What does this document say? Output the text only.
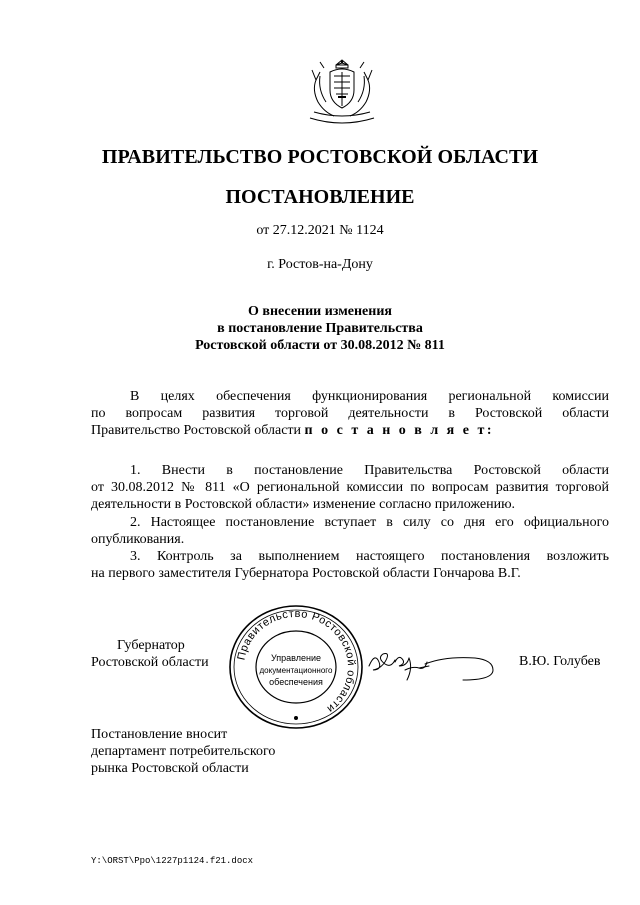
ПРАВИТЕЛЬСТВО РОСТОВСКОЙ ОБЛАСТИ
ПОСТАНОВЛЕНИЕ
от 27.12.2021 № 1124
г. Ростов-на-Дону
О внесении изменения
в постановление Правительства
Ростовской области от 30.08.2012 № 811
В целях обеспечения функционирования региональной комиссии
по вопросам развития торговой деятельности в Ростовской области
Правительство Ростовской области п о с т а н о в л я е т:
1. Внести в постановление Правительства Ростовской области
от 30.08.2012 № 811 «О региональной комиссии по вопросам развития торговой
деятельности в Ростовской области» изменение согласно приложению.
2. Настоящее постановление вступает в силу со дня его официального
опубликования.
3. Контроль за выполнением настоящего постановления возложить
на первого заместителя Губернатора Ростовской области Гончарова В.Г.
Губернатор
Ростовской области Правительство Ростовской области
Управление
документационного
обеспечения
В.Ю. Голубев
Постановление вносит
департамент потребительского
рынка Ростовской области
Y:\ORST\Ppo\1227p1124.f21.docx
